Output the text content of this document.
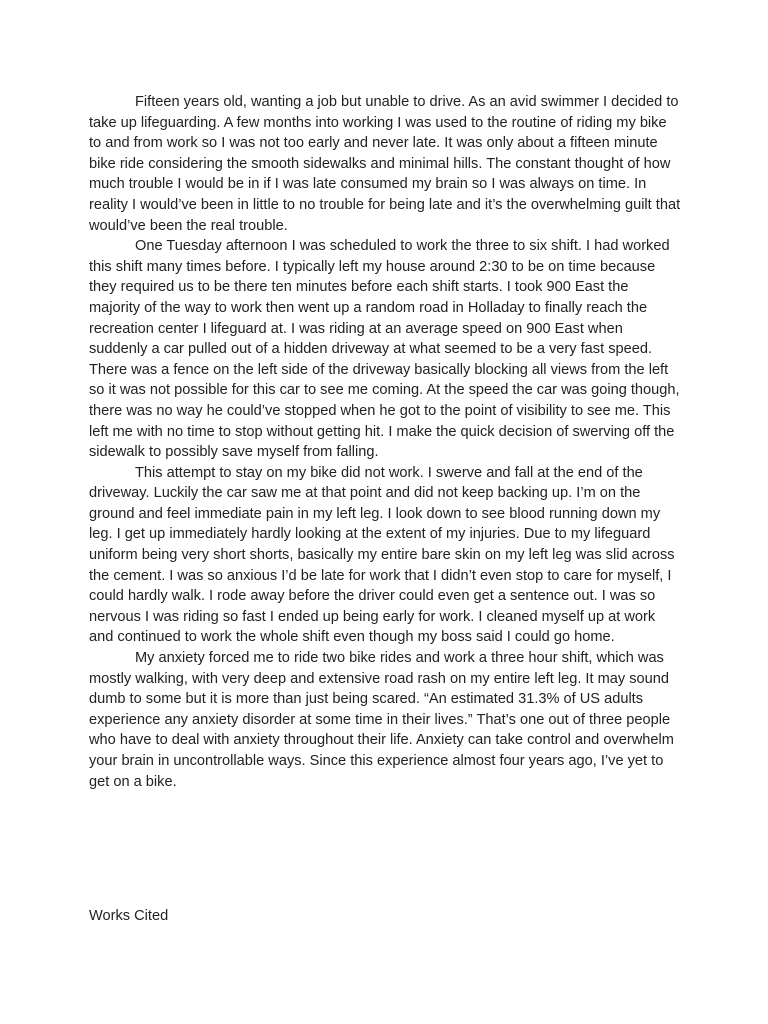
Fifteen years old, wanting a job but unable to drive. As an avid swimmer I decided to take up lifeguarding. A few months into working I was used to the routine of riding my bike to and from work so I was not too early and never late. It was only about a fifteen minute bike ride considering the smooth sidewalks and minimal hills. The constant thought of how much trouble I would be in if I was late consumed my brain so I was always on time. In reality I would’ve been in little to no trouble for being late and it’s the overwhelming guilt that would’ve been the real trouble.

One Tuesday afternoon I was scheduled to work the three to six shift. I had worked this shift many times before. I typically left my house around 2:30 to be on time because they required us to be there ten minutes before each shift starts. I took 900 East the majority of the way to work then went up a random road in Holladay to finally reach the recreation center I lifeguard at. I was riding at an average speed on 900 East when suddenly a car pulled out of a hidden driveway at what seemed to be a very fast speed. There was a fence on the left side of the driveway basically blocking all views from the left so it was not possible for this car to see me coming. At the speed the car was going though, there was no way he could’ve stopped when he got to the point of visibility to see me. This left me with no time to stop without getting hit. I make the quick decision of swerving off the sidewalk to possibly save myself from falling.

This attempt to stay on my bike did not work. I swerve and fall at the end of the driveway. Luckily the car saw me at that point and did not keep backing up. I’m on the ground and feel immediate pain in my left leg. I look down to see blood running down my leg. I get up immediately hardly looking at the extent of my injuries. Due to my lifeguard uniform being very short shorts, basically my entire bare skin on my left leg was slid across the cement. I was so anxious I’d be late for work that I didn’t even stop to care for myself, I could hardly walk. I rode away before the driver could even get a sentence out. I was so nervous I was riding so fast I ended up being early for work. I cleaned myself up at work and continued to work the whole shift even though my boss said I could go home.

My anxiety forced me to ride two bike rides and work a three hour shift, which was mostly walking, with very deep and extensive road rash on my entire left leg. It may sound dumb to some but it is more than just being scared. “An estimated 31.3% of US adults experience any anxiety disorder at some time in their lives.” That’s one out of three people who have to deal with anxiety throughout their life. Anxiety can take control and overwhelm your brain in uncontrollable ways. Since this experience almost four years ago, I’ve yet to get on a bike.

Works Cited
